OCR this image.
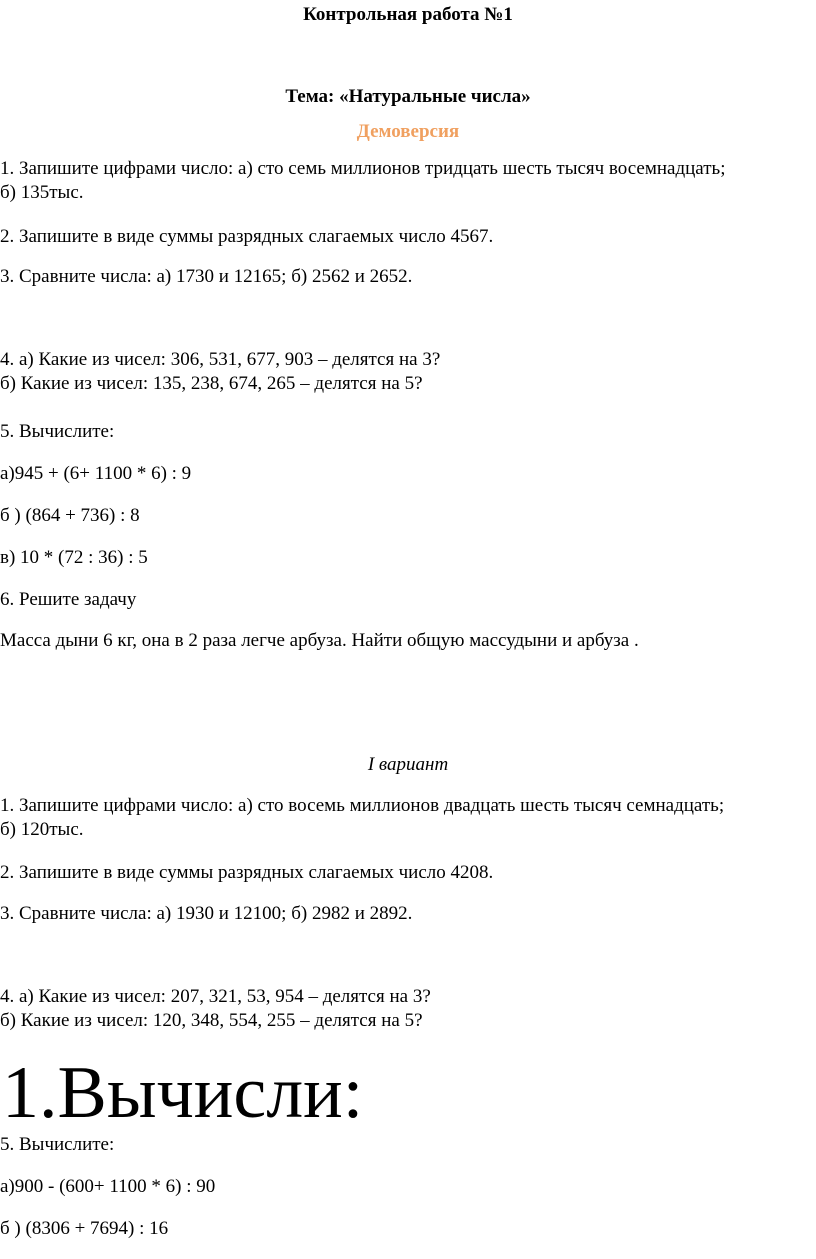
Контрольная работа №1
Тема: «Натуральные числа»
Демоверсия
1. Запишите цифрами число: а) сто семь миллионов тридцать шесть тысяч восемнадцать;
б) 135тыс.
2. Запишите в виде суммы разрядных слагаемых число 4567.
3. Сравните числа: а) 1730 и 12165; б) 2562 и 2652.
4. а) Какие из чисел: 306, 531, 677, 903 – делятся на 3?
б) Какие из чисел: 135, 238, 674, 265 – делятся на 5?
5. Вычислите:
а)945 + (6+ 1100 * 6) : 9
б ) (864 + 736) : 8
в) 10 * (72 : 36) : 5
6. Решите задачу
Масса дыни 6 кг, она в 2 раза легче арбуза. Найти общую массудыни и арбуза .
I вариант
1. Запишите цифрами число: а) сто восемь миллионов двадцать шесть тысяч семнадцать;
б) 120тыс.
2. Запишите в виде суммы разрядных слагаемых число 4208.
3. Сравните числа: а) 1930 и 12100; б) 2982 и 2892.
4. а) Какие из чисел: 207, 321, 53, 954 – делятся на 3?
б) Какие из чисел: 120, 348, 554, 255 – делятся на 5?
1.Вычисли:
5. Вычислите:
а)900 - (600+ 1100 * 6) : 90
б ) (8306 + 7694) : 16
